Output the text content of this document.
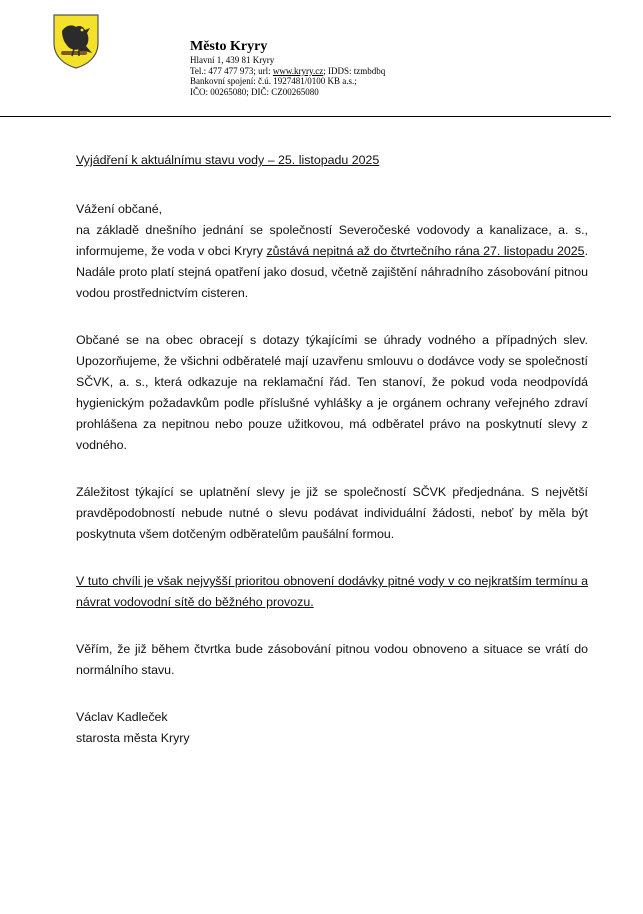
Město Kryry
Hlavní 1, 439 81 Kryry
Tel.: 477 477 973; url: www.kryry.cz; IDDS: tzmbdbq
Bankovní spojení: č.ú. 1927481/0100 KB a.s.;
IČO: 00265080; DIČ: CZ00265080
Vyjádření k aktuálnímu stavu vody – 25. listopadu 2025

Vážení občané,

na základě dnešního jednání se společností Severočeské vodovody a kanalizace, a. s., informujeme, že voda v obci Kryry zůstává nepitná až do čtvrtečního rána 27. listopadu 2025. Nadále proto platí stejná opatření jako dosud, včetně zajištění náhradního zásobování pitnou vodou prostřednictvím cisteren.

Občané se na obec obracejí s dotazy týkajícími se úhrady vodného a případných slev. Upozorňujeme, že všichni odběratelé mají uzavřenu smlouvu o dodávce vody se společností SČVK, a. s., která odkazuje na reklamační řád. Ten stanoví, že pokud voda neodpovídá hygienickým požadavkům podle příslušné vyhlášky a je orgánem ochrany veřejného zdraví prohlášena za nepitnou nebo pouze užitkovou, má odběratel právo na poskytnutí slevy z vodného.
Záležitost týkající se uplatnění slevy je již se společností SČVK předjednána. S největší pravděpodobností nebude nutné o slevu podávat individuální žádosti, neboť by měla být poskytnuta všem dotčeným odběratelům paušální formou.
V tuto chvíli je však nejvyšší prioritou obnovení dodávky pitné vody v co nejkratším termínu a návrat vodovodní sítě do běžného provozu.
Věřím, že již během čtvrtka bude zásobování pitnou vodou obnoveno a situace se vrátí do normálního stavu.
Václav Kadleček
starosta města Kryry
